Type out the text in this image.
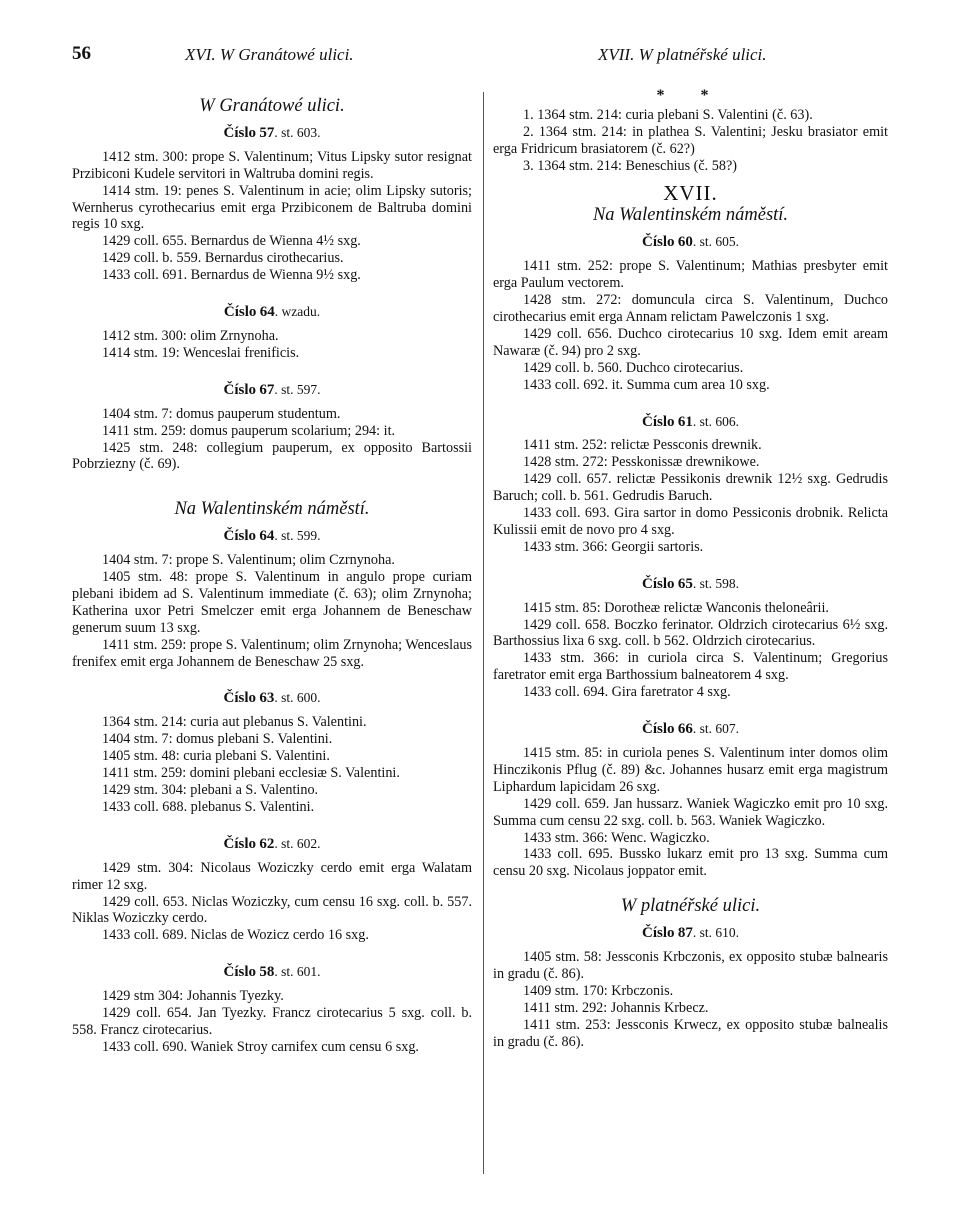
56	XVI. W Granátowé ulici.	XVII. W platnéřské ulici.
W Granátowé ulici.
Číslo 57. st. 603.

1412 stm. 300: prope S. Valentinum; Vitus Lipsky sutor resignat Przibiconi Kudele servitori in Waltruba domini regis.

1414 stm. 19: penes S. Valentinum in acie; olim Lipsky sutoris; Wernherus cyrothecarius emit erga Przibiconem de Baltruba domini regis 10 sxg.

1429 coll. 655. Bernardus de Wienna 4½ sxg.

1429 coll. b. 559. Bernardus cirothecarius.

1433 coll. 691. Bernardus de Wienna 9½ sxg.

Číslo 64. wzadu.

1412 stm. 300: olim Zrnynoha.

1414 stm. 19: Wenceslai frenificis.

Číslo 67. st. 597.

1404 stm. 7: domus pauperum studentum.

1411 stm. 259: domus pauperum scolarium; 294: it.

1425 stm. 248: collegium pauperum, ex opposito Bartossii Pobrziezny (č. 69).

Na Walentinském náměstí.
Číslo 64. st. 599.

1404 stm. 7: prope S. Valentinum; olim Czrnynoha.

1405 stm. 48: prope S. Valentinum in angulo prope curiam plebani ibidem ad S. Valentinum immediate (č. 63); olim Zrnynoha; Katherina uxor Petri Smelczer emit erga Johannem de Beneschaw generum suum 13 sxg.

1411 stm. 259: prope S. Valentinum; olim Zrnynoha; Wenceslaus frenifex emit erga Johannem de Beneschaw 25 sxg.

Číslo 63. st. 600.

1364 stm. 214: curia aut plebanus S. Valentini.

1404 stm. 7: domus plebani S. Valentini.

1405 stm. 48: curia plebani S. Valentini.

1411 stm. 259: domini plebani ecclesiæ S. Valentini.

1429 stm. 304: plebani a S. Valentino.

1433 coll. 688. plebanus S. Valentini.

Číslo 62. st. 602.

1429 stm. 304: Nicolaus Woziczky cerdo emit erga Walatam rimer 12 sxg.

1429 coll. 653. Niclas Woziczky, cum censu 16 sxg. coll. b. 557. Niklas Woziczky cerdo.

1433 coll. 689. Niclas de Wozicz cerdo 16 sxg.

Číslo 58. st. 601.

1429 stm 304: Johannis Tyezky.

1429 coll. 654. Jan Tyezky. Francz cirotecarius 5 sxg. coll. b. 558. Francz cirotecarius.

1433 coll. 690. Waniek Stroy carnifex cum censu 6 sxg.

* *

1. 1364 stm. 214: curia plebani S. Valentini (č. 63).

2. 1364 stm. 214: in plathea S. Valentini; Jesku brasiator emit erga Fridricum brasiatorem (č. 62?)

3. 1364 stm. 214: Beneschius (č. 58?)

XVII.
Na Walentinském náměstí.
Číslo 60. st. 605.

1411 stm. 252: prope S. Valentinum; Mathias presbyter emit erga Paulum vectorem.

1428 stm. 272: domuncula circa S. Valentinum, Duchco cirothecarius emit erga Annam relictam Pawelczonis 1 sxg.

1429 coll. 656. Duchco cirotecarius 10 sxg. Idem emit aream Nawaræ (č. 94) pro 2 sxg.

1429 coll. b. 560. Duchco cirotecarius.

1433 coll. 692. it. Summa cum area 10 sxg.

Číslo 61. st. 606.

1411 stm. 252: relictæ Pessconis drewnik.

1428 stm. 272: Pesskonissæ drewnikowe.

1429 coll. 657. relictæ Pessikonis drewnik 12½ sxg. Gedrudis Baruch; coll. b. 561. Gedrudis Baruch.

1433 coll. 693. Gira sartor in domo Pessiconis drobnik. Relicta Kulissii emit de novo pro 4 sxg.

1433 stm. 366: Georgii sartoris.

Číslo 65. st. 598.

1415 stm. 85: Dorotheæ relictæ Wanconis theloneârii.

1429 coll. 658. Boczko ferinator. Oldrzich cirotecarius 6½ sxg. Barthossius lixa 6 sxg. coll. b 562. Oldrzich cirotecarius.

1433 stm. 366: in curiola circa S. Valentinum; Gregorius faretrator emit erga Barthossium balneatorem 4 sxg.

1433 coll. 694. Gira faretrator 4 sxg.

Číslo 66. st. 607.

1415 stm. 85: in curiola penes S. Valentinum inter domos olim Hinczikonis Pflug (č. 89) &c. Johannes husarz emit erga magistrum Liphardum lapicidam 26 sxg.

1429 coll. 659. Jan hussarz. Waniek Wagiczko emit pro 10 sxg. Summa cum censu 22 sxg. coll. b. 563. Waniek Wagiczko.

1433 stm. 366: Wenc. Wagiczko.

1433 coll. 695. Bussko lukarz emit pro 13 sxg. Summa cum censu 20 sxg. Nicolaus joppator emit.

W platnéřské ulici.
Číslo 87. st. 610.

1405 stm. 58: Jessconis Krbczonis, ex opposito stubæ balnearis in gradu (č. 86).

1409 stm. 170: Krbczonis.

1411 stm. 292: Johannis Krbecz.

1411 stm. 253: Jessconis Krwecz, ex opposito stubæ balnealis in gradu (č. 86).
